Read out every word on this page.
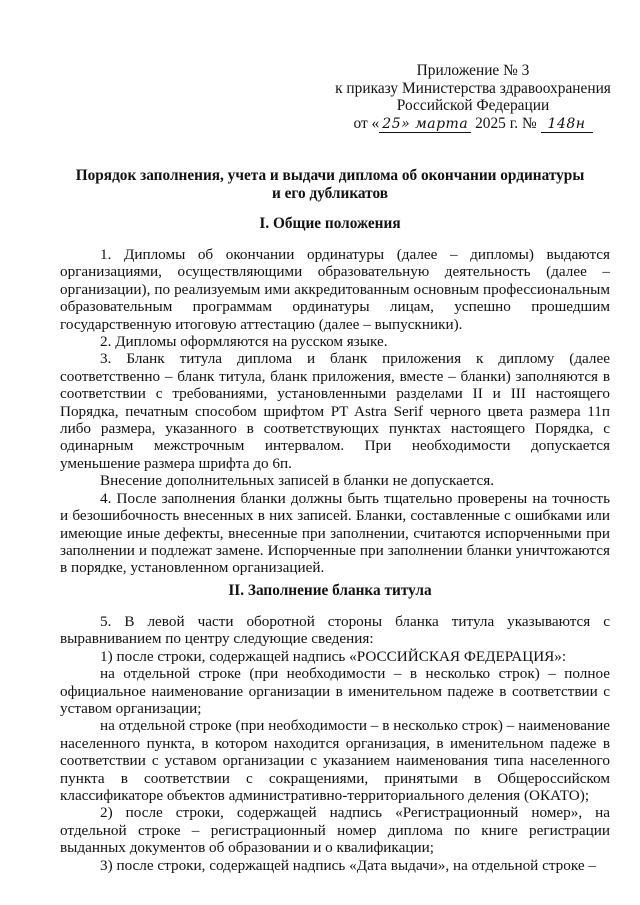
Приложение № 3
к приказу Министерства здравоохранения
Российской Федерации
от « 25» марта 2025 г. № 148н
Порядок заполнения, учета и выдачи диплома об окончании ординатуры
и его дубликатов
I. Общие положения

1. Дипломы об окончании ординатуры (далее – дипломы) выдаются организациями, осуществляющими образовательную деятельность (далее – организации), по реализуемым ими аккредитованным основным профессиональным образовательным программам ординатуры лицам, успешно прошедшим государственную итоговую аттестацию (далее – выпускники).

2. Дипломы оформляются на русском языке.

3. Бланк титула диплома и бланк приложения к диплому (далее соответственно – бланк титула, бланк приложения, вместе – бланки) заполняются в соответствии с требованиями, установленными разделами II и III настоящего Порядка, печатным способом шрифтом PT Astra Serif черного цвета размера 11п либо размера, указанного в соответствующих пунктах настоящего Порядка, с одинарным межстрочным интервалом. При необходимости допускается уменьшение размера шрифта до 6п.

Внесение дополнительных записей в бланки не допускается.

4. После заполнения бланки должны быть тщательно проверены на точность и безошибочность внесенных в них записей. Бланки, составленные с ошибками или имеющие иные дефекты, внесенные при заполнении, считаются испорченными при заполнении и подлежат замене. Испорченные при заполнении бланки уничтожаются в порядке, установленном организацией.

II. Заполнение бланка титула

5. В левой части оборотной стороны бланка титула указываются с выравниванием по центру следующие сведения:

1) после строки, содержащей надпись «РОССИЙСКАЯ ФЕДЕРАЦИЯ»:

на отдельной строке (при необходимости – в несколько строк) – полное официальное наименование организации в именительном падеже в соответствии с уставом организации;

на отдельной строке (при необходимости – в несколько строк) – наименование населенного пункта, в котором находится организация, в именительном падеже в соответствии с уставом организации с указанием наименования типа населенного пункта в соответствии с сокращениями, принятыми в Общероссийском классификаторе объектов административно-территориального деления (ОКАТО);

2) после строки, содержащей надпись «Регистрационный номер», на отдельной строке – регистрационный номер диплома по книге регистрации выданных документов об образовании и о квалификации;

3) после строки, содержащей надпись «Дата выдачи», на отдельной строке –
